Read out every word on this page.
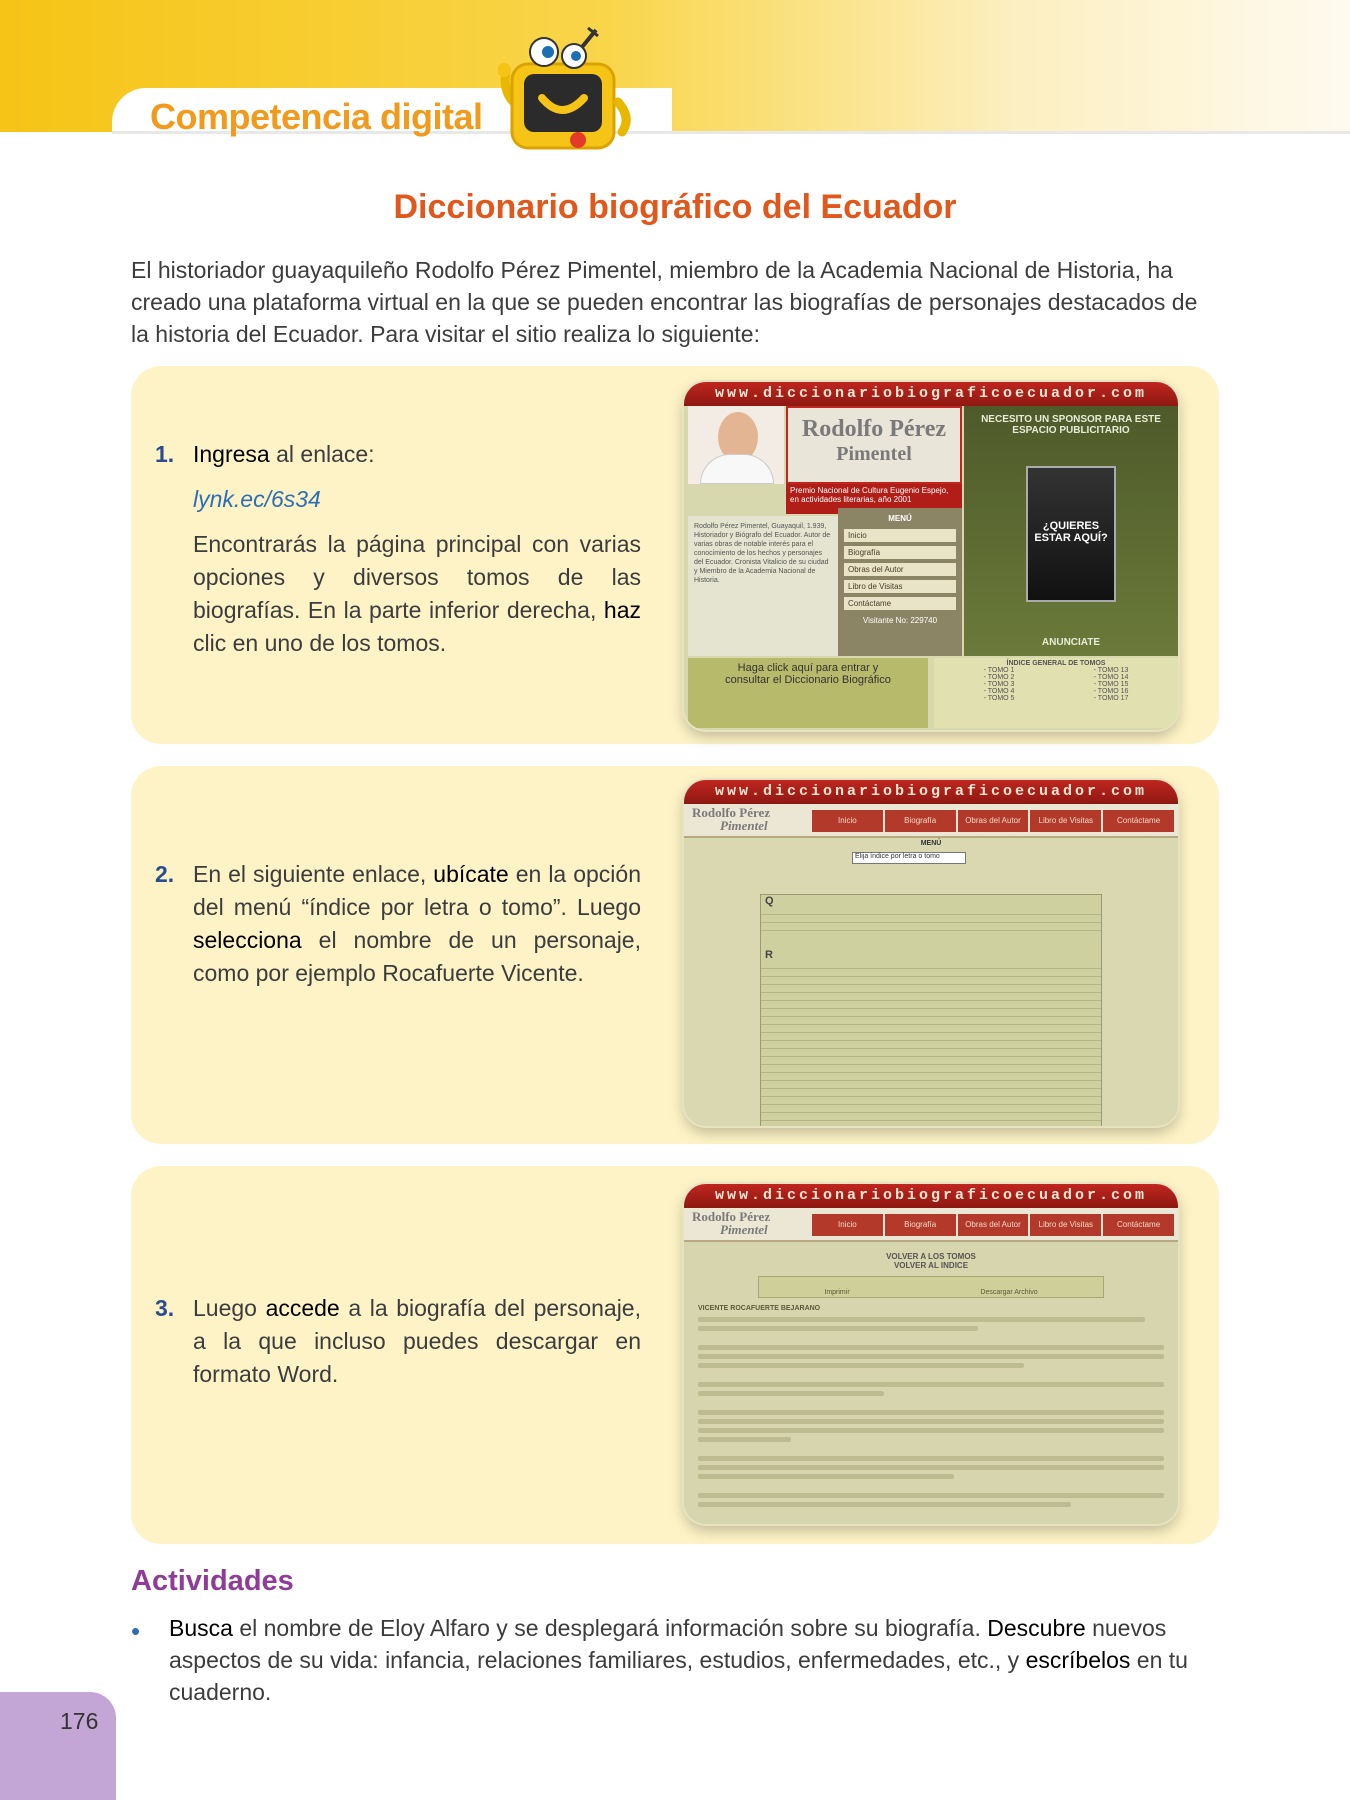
Competencia digital
Diccionario biográfico del Ecuador

El historiador guayaquileño Rodolfo Pérez Pimentel, miembro de la Academia Nacional de Historia, ha creado una plataforma virtual en la que se pueden encontrar las biografías de personajes destacados de la historia del Ecuador. Para visitar el sitio realiza lo siguiente:

1. Ingresa al enlace:
lynk.ec/6s34
Encontrarás la página principal con varias opciones y diversos tomos de las biografías. En la parte inferior derecha, haz clic en uno de los tomos.
www.diccionariobiograficoecuador.com
Rodolfo Pérez
Pimentel
Premio Nacional de Cultura Eugenio Espejo, en actividades literarias, año 2001
Rodolfo Pérez Pimentel, Guayaquil, 1.939, Historiador y Biógrafo del Ecuador. Autor de varias obras de notable interés para el conocimiento de los hechos y personajes del Ecuador. Cronista Vitalicio de su ciudad y Miembro de la Academia Nacional de Historia.
MENÚ
Inicio
Biografía
Obras del Autor
Libro de Visitas
Contáctame
Visitante No: 229740
NECESITO UN SPONSOR PARA ESTE ESPACIO PUBLICITARIO
¿QUIERES ESTAR AQUÍ?
ANUNCIATE
Haga click aquí para entrar y
consultar el Diccionario Biográfico
ÍNDICE GENERAL DE TOMOS
- TOMO 1
- TOMO 2
- TOMO 3
- TOMO 4
- TOMO 5
- TOMO 13
- TOMO 14
- TOMO 15
- TOMO 16
- TOMO 17
2. En el siguiente enlace, ubícate en la opción del menú “índice por letra o tomo”. Luego selecciona el nombre de un personaje, como por ejemplo Rocafuerte Vicente.
www.diccionariobiograficoecuador.com
Rodolfo Pérez
Pimentel	Inicio	Biografía	Obras del Autor	Libro de Visitas	Contáctame
MENÚ
Elija índice por letra o tomo
Q
R
3. Luego accede a la biografía del personaje, a la que incluso puedes descargar en formato Word.
www.diccionariobiograficoecuador.com
Rodolfo Pérez
Pimentel	Inicio	Biografía	Obras del Autor	Libro de Visitas	Contáctame
VOLVER A LOS TOMOS
VOLVER AL INDICE
Imprimir	Descargar Archivo
VICENTE ROCAFUERTE BEJARANO
Actividades
• Busca el nombre de Eloy Alfaro y se desplegará información sobre su biografía. Descubre nuevos aspectos de su vida: infancia, relaciones familiares, estudios, enfermedades, etc., y escríbelos en tu cuaderno.

176
